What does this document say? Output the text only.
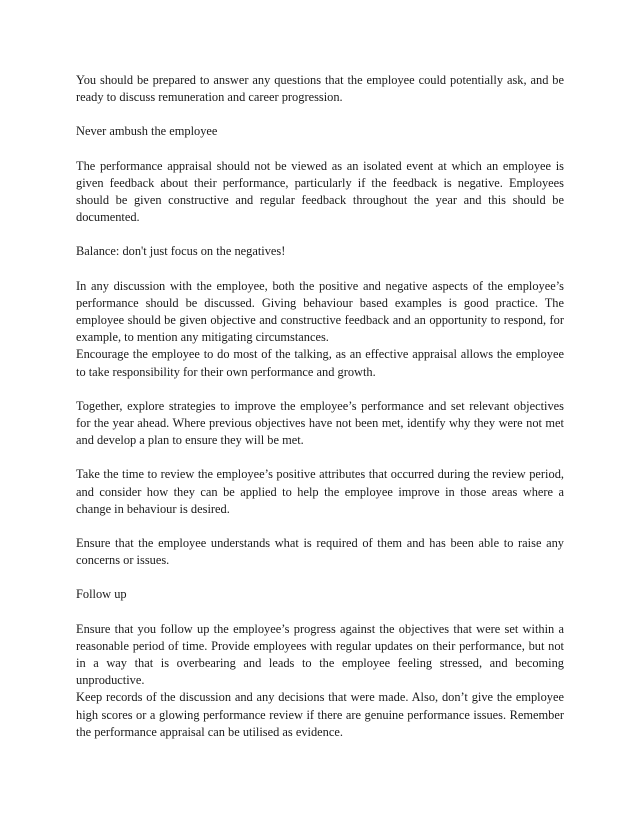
You should be prepared to answer any questions that the employee could potentially ask, and be ready to discuss remuneration and career progression.

Never ambush the employee

The performance appraisal should not be viewed as an isolated event at which an employee is given feedback about their performance, particularly if the feedback is negative. Employees should be given constructive and regular feedback throughout the year and this should be documented.

Balance: don't just focus on the negatives!

In any discussion with the employee, both the positive and negative aspects of the employee’s performance should be discussed. Giving behaviour based examples is good practice. The employee should be given objective and constructive feedback and an opportunity to respond, for example, to mention any mitigating circumstances.

Encourage the employee to do most of the talking, as an effective appraisal allows the employee to take responsibility for their own performance and growth.

Together, explore strategies to improve the employee’s performance and set relevant objectives for the year ahead. Where previous objectives have not been met, identify why they were not met and develop a plan to ensure they will be met.

Take the time to review the employee’s positive attributes that occurred during the review period, and consider how they can be applied to help the employee improve in those areas where a change in behaviour is desired.

Ensure that the employee understands what is required of them and has been able to raise any concerns or issues.

Follow up

Ensure that you follow up the employee’s progress against the objectives that were set within a reasonable period of time. Provide employees with regular updates on their performance, but not in a way that is overbearing and leads to the employee feeling stressed, and becoming unproductive.

Keep records of the discussion and any decisions that were made. Also, don’t give the employee high scores or a glowing performance review if there are genuine performance issues. Remember the performance appraisal can be utilised as evidence.
